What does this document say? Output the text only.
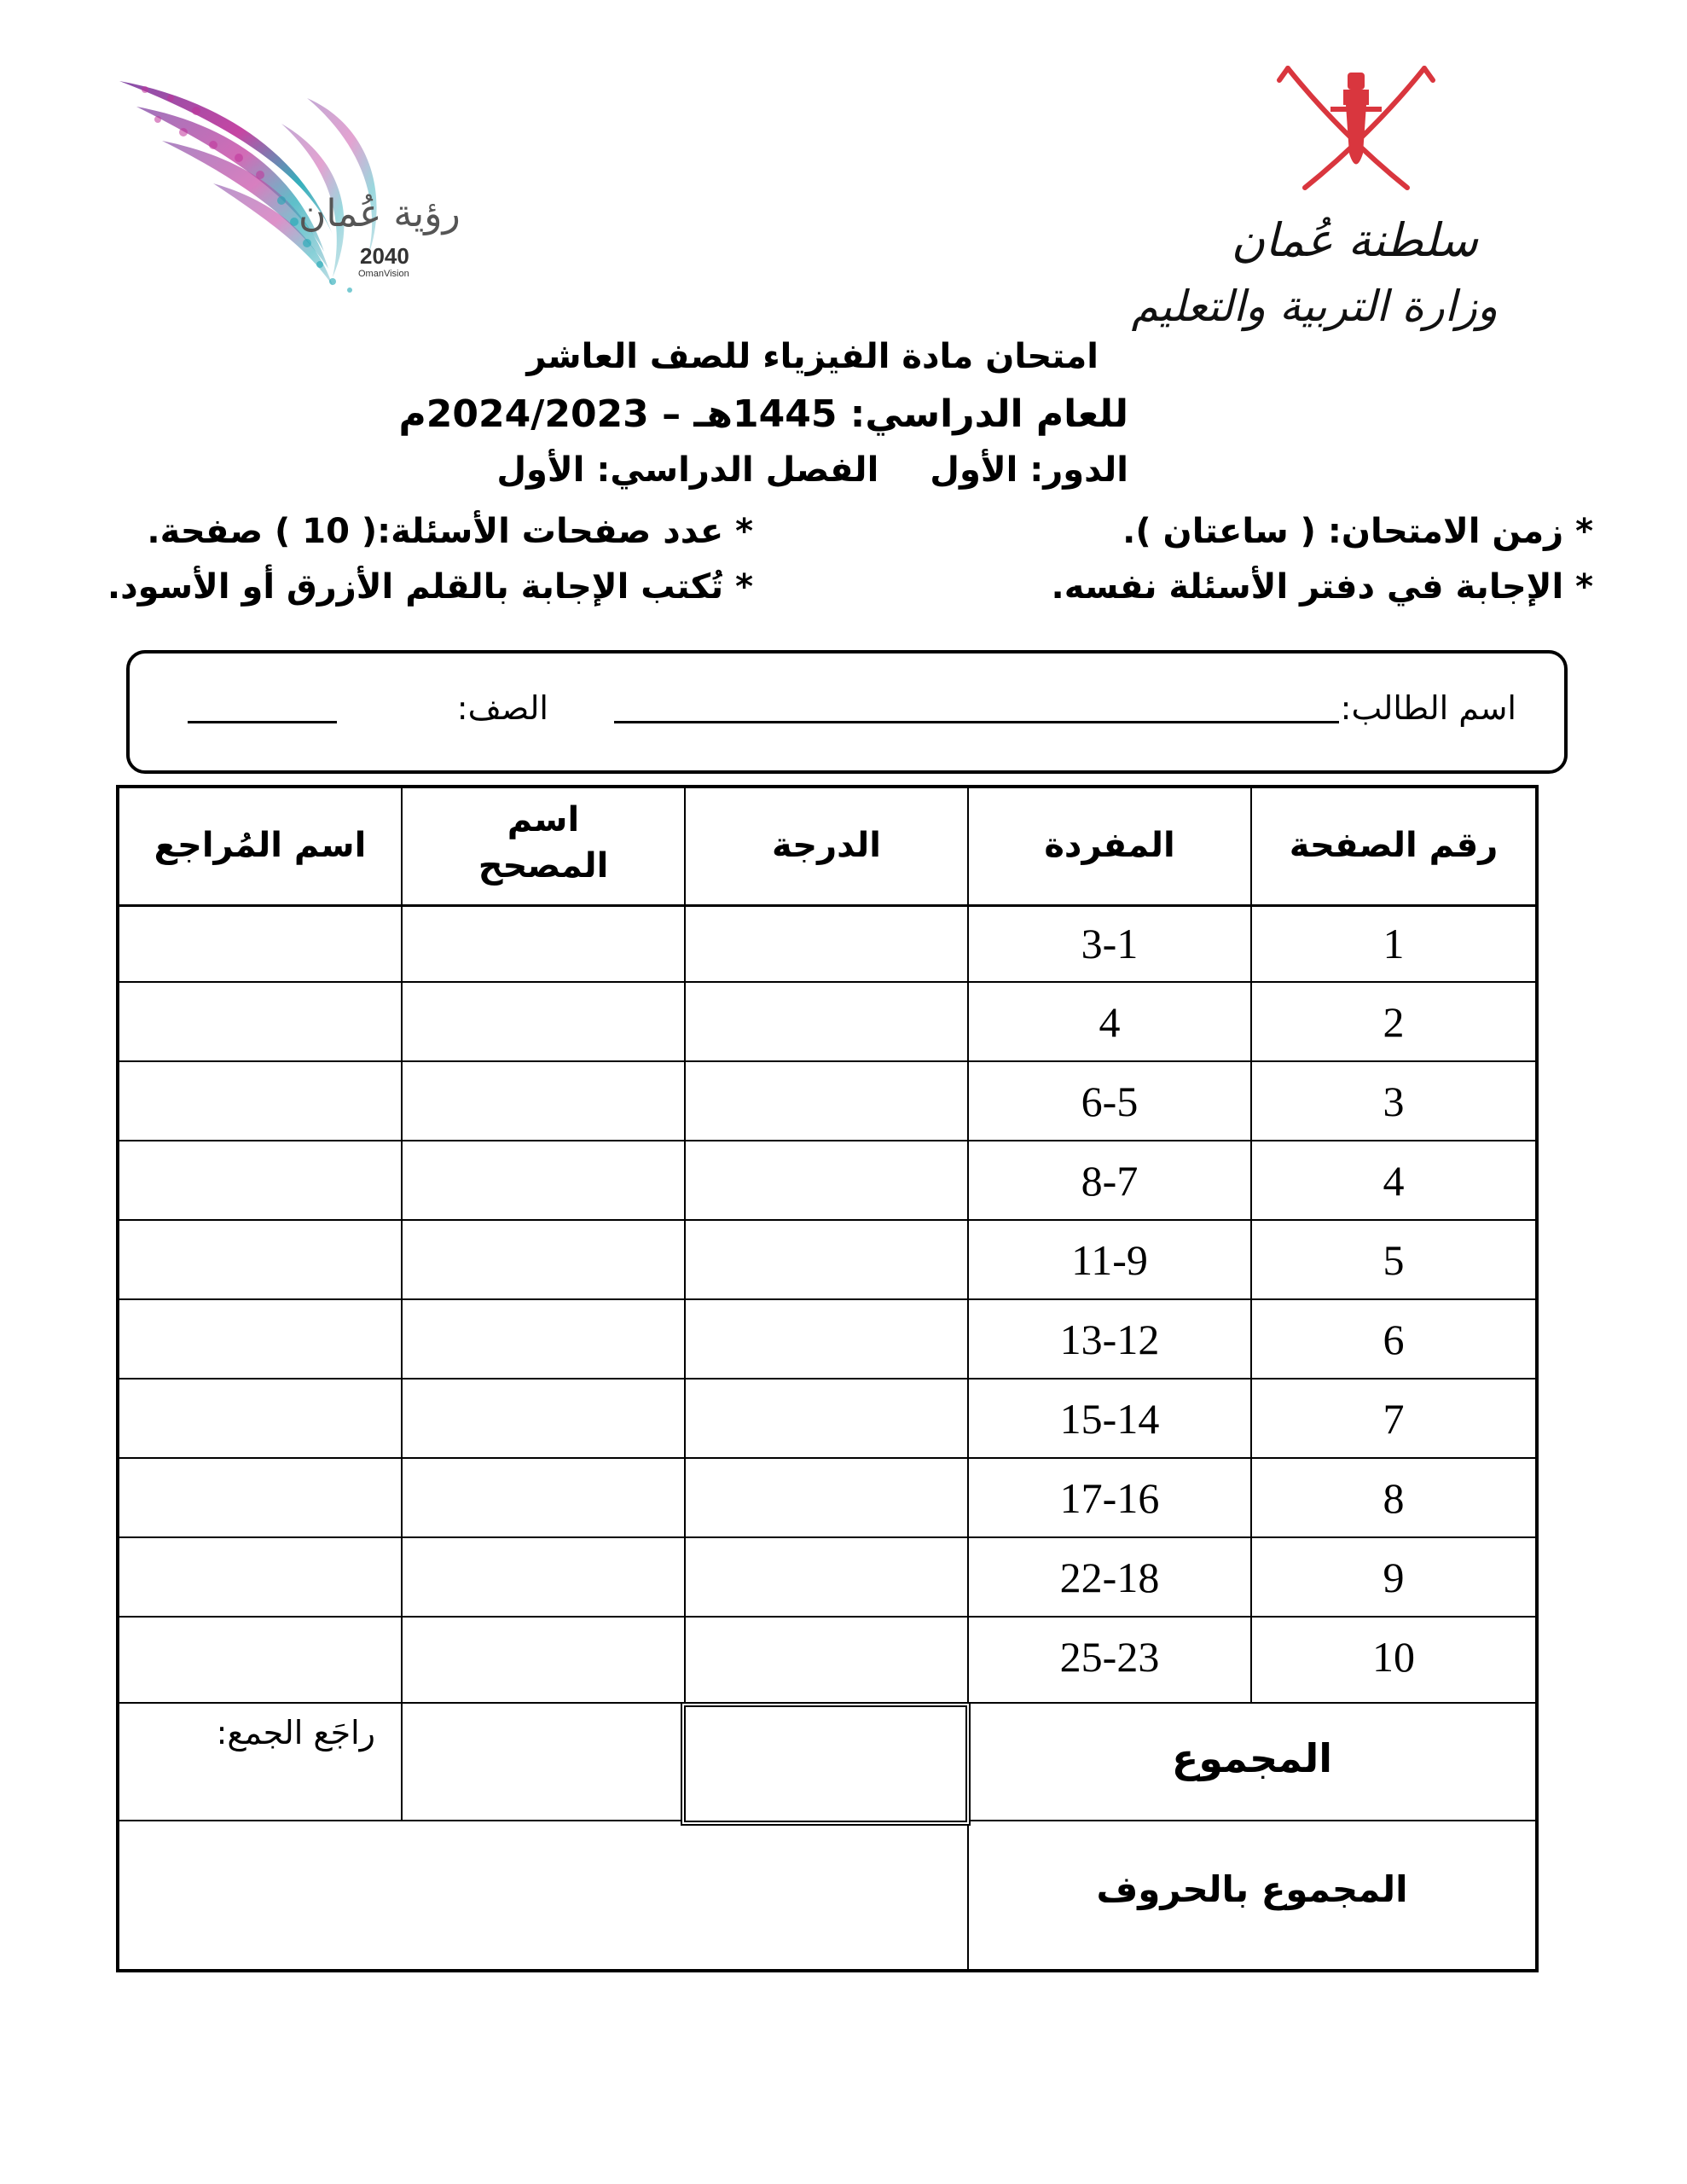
رؤية عُمان
2040
OmanVision
سلطنة عُمان
وزارة التربية والتعليم
امتحان مادة الفيزياء للصف العاشر
للعام الدراسي: 1445هـ – 2024/2023م
الدور: الأولالفصل الدراسي: الأول
* زمن الامتحان: ( ساعتان ).
* الإجابة في دفتر الأسئلة نفسه.
* عدد صفحات الأسئلة:( 10 ) صفحة.
* تُكتب الإجابة بالقلم الأزرق أو الأسود.
اسم الطالب:
الصف:
رقم الصفحة
المفردة
الدرجة
اسم المصحح
اسم المُراجع
1
2
3
4
5
6
7
8
9
10
3-1
4
6-5
8-7
11-9
13-12
15-14
17-16
22-18
25-23
المجموع
راجَع الجمع:
المجموع بالحروف
